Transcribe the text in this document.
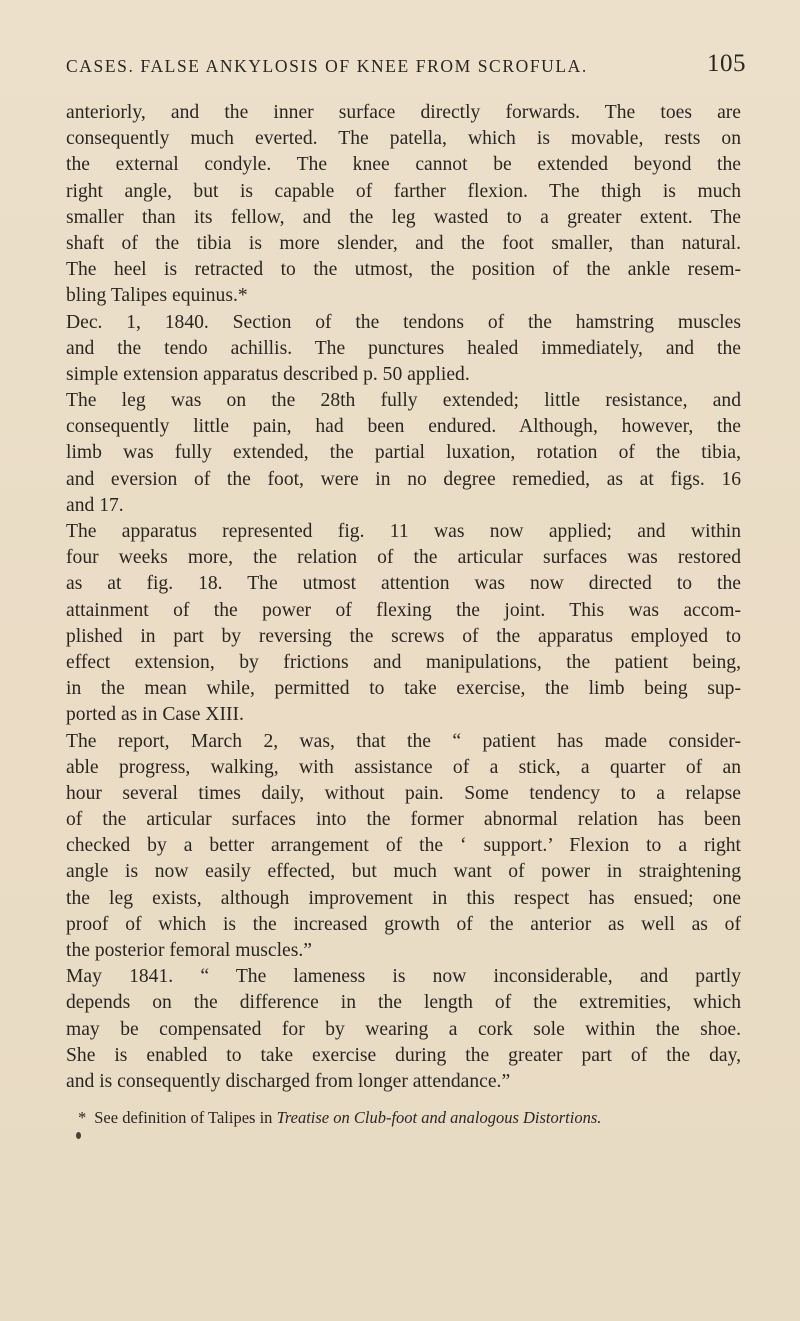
CASES. FALSE ANKYLOSIS OF KNEE FROM SCROFULA.	105
anteriorly, and the inner surface directly forwards. The toes are
consequently much everted. The patella, which is movable, rests on
the external condyle. The knee cannot be extended beyond the
right angle, but is capable of farther flexion. The thigh is much
smaller than its fellow, and the leg wasted to a greater extent. The
shaft of the tibia is more slender, and the foot smaller, than natural.
The heel is retracted to the utmost, the position of the ankle resem-
bling Talipes equinus.*
Dec. 1, 1840. Section of the tendons of the hamstring muscles
and the tendo achillis. The punctures healed immediately, and the
simple extension apparatus described p. 50 applied.
The leg was on the 28th fully extended; little resistance, and
consequently little pain, had been endured. Although, however, the
limb was fully extended, the partial luxation, rotation of the tibia,
and eversion of the foot, were in no degree remedied, as at figs. 16
and 17.
The apparatus represented fig. 11 was now applied; and within
four weeks more, the relation of the articular surfaces was restored
as at fig. 18. The utmost attention was now directed to the
attainment of the power of flexing the joint. This was accom-
plished in part by reversing the screws of the apparatus employed to
effect extension, by frictions and manipulations, the patient being,
in the mean while, permitted to take exercise, the limb being sup-
ported as in Case XIII.
The report, March 2, was, that the “ patient has made consider-
able progress, walking, with assistance of a stick, a quarter of an
hour several times daily, without pain. Some tendency to a relapse
of the articular surfaces into the former abnormal relation has been
checked by a better arrangement of the ‘ support.’ Flexion to a right
angle is now easily effected, but much want of power in straightening
the leg exists, although improvement in this respect has ensued; one
proof of which is the increased growth of the anterior as well as of
the posterior femoral muscles.”
May 1841. “ The lameness is now inconsiderable, and partly
depends on the difference in the length of the extremities, which
may be compensated for by wearing a cork sole within the shoe.
She is enabled to take exercise during the greater part of the day,
and is consequently discharged from longer attendance.”
* See definition of Talipes in Treatise on Club-foot and analogous Distortions.
